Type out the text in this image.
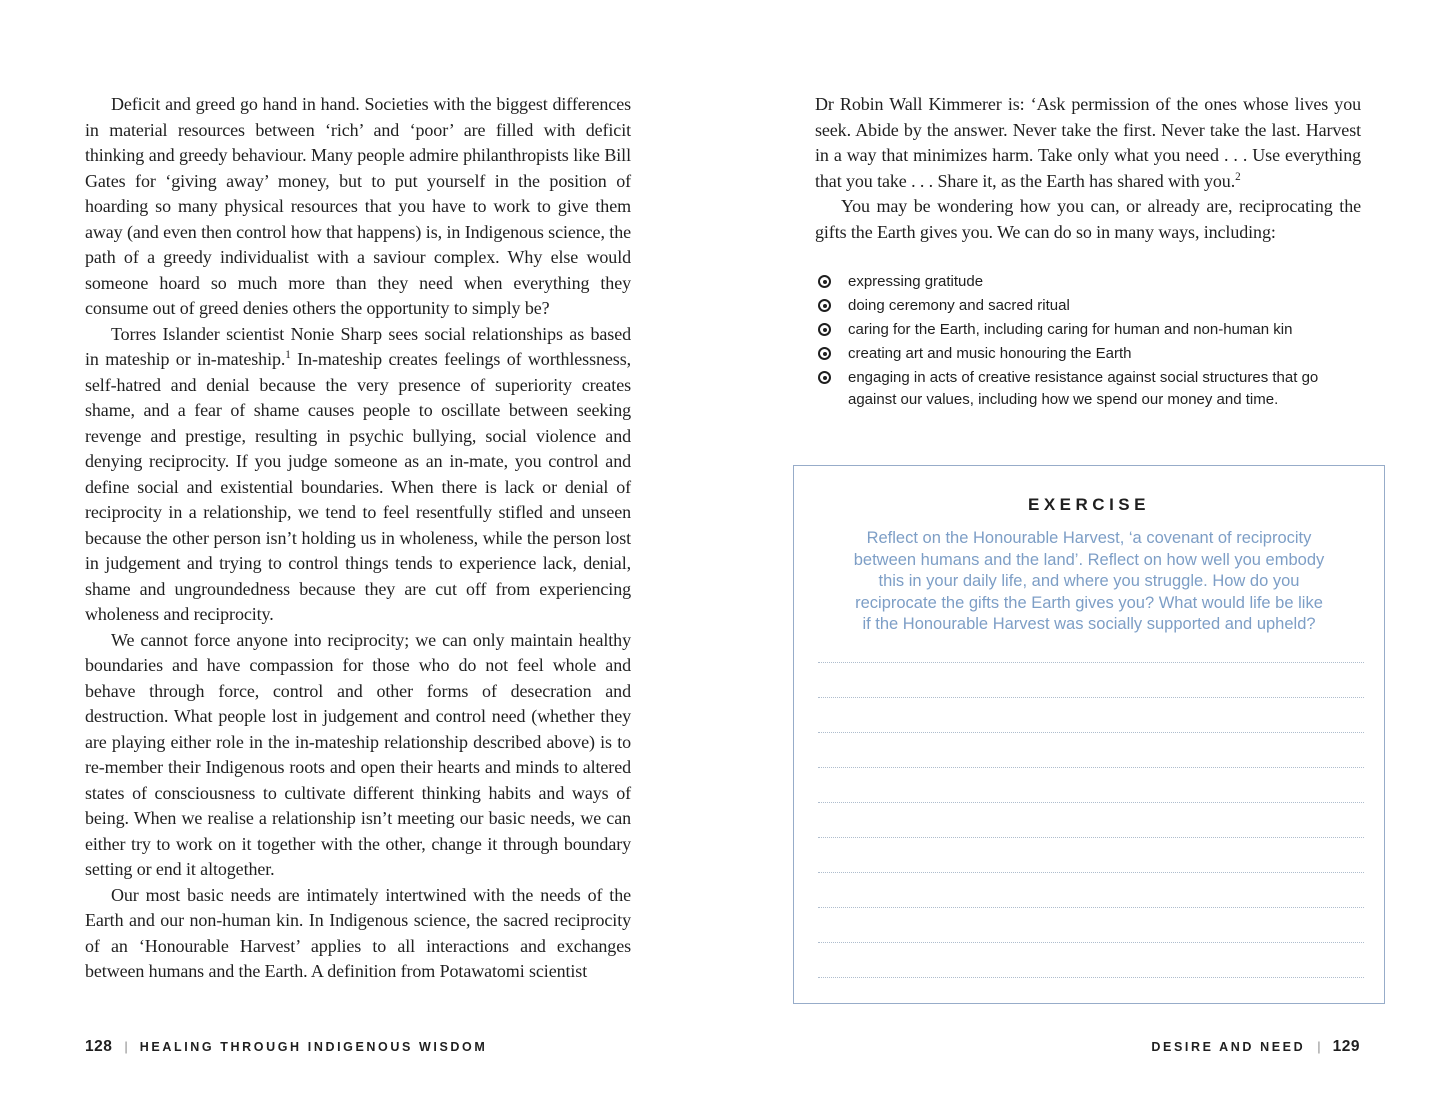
Deficit and greed go hand in hand. Societies with the biggest differences in material resources between ‘rich’ and ‘poor’ are filled with deficit thinking and greedy behaviour. Many people admire philanthropists like Bill Gates for ‘giving away’ money, but to put yourself in the position of hoarding so many physical resources that you have to work to give them away (and even then control how that happens) is, in Indigenous science, the path of a greedy individualist with a saviour complex. Why else would someone hoard so much more than they need when everything they consume out of greed denies others the opportunity to simply be?

Torres Islander scientist Nonie Sharp sees social relationships as based in mateship or in-mateship.$^1$ In-mateship creates feelings of worthlessness, self-hatred and denial because the very presence of superiority creates shame, and a fear of shame causes people to oscillate between seeking revenge and prestige, resulting in psychic bullying, social violence and denying reciprocity. If you judge someone as an in-mate, you control and define social and existential boundaries. When there is lack or denial of reciprocity in a relationship, we tend to feel resentfully stifled and unseen because the other person isn’t holding us in wholeness, while the person lost in judgement and trying to control things tends to experience lack, denial, shame and ungroundedness because they are cut off from experiencing wholeness and reciprocity.

We cannot force anyone into reciprocity; we can only maintain healthy boundaries and have compassion for those who do not feel whole and behave through force, control and other forms of desecration and destruction. What people lost in judgement and control need (whether they are playing either role in the in-mateship relationship described above) is to re-member their Indigenous roots and open their hearts and minds to altered states of consciousness to cultivate different thinking habits and ways of being. When we realise a relationship isn’t meeting our basic needs, we can either try to work on it together with the other, change it through boundary setting or end it altogether.

Our most basic needs are intimately intertwined with the needs of the Earth and our non-human kin. In Indigenous science, the sacred reciprocity of an ‘Honourable Harvest’ applies to all interactions and exchanges between humans and the Earth. A definition from Potawatomi scientist

Dr Robin Wall Kimmerer is: ‘Ask permission of the ones whose lives you seek. Abide by the answer. Never take the first. Never take the last. Harvest in a way that minimizes harm. Take only what you need . . . Use everything that you take . . . Share it, as the Earth has shared with you.$^2$

You may be wondering how you can, or already are, reciprocating the gifts the Earth gives you. We can do so in many ways, including:

expressing gratitude
doing ceremony and sacred ritual
caring for the Earth, including caring for human and non-human kin
creating art and music honouring the Earth
engaging in acts of creative resistance against social structures that go against our values, including how we spend our money and time.
EXERCISE
Reflect on the Honourable Harvest, ‘a covenant of reciprocity between humans and the land’. Reflect on how well you embody this in your daily life, and where you struggle. How do you reciprocate the gifts the Earth gives you? What would life be like if the Honourable Harvest was socially supported and upheld?
128 | HEALING THROUGH INDIGENOUS WISDOM	DESIRE AND NEED | 129
